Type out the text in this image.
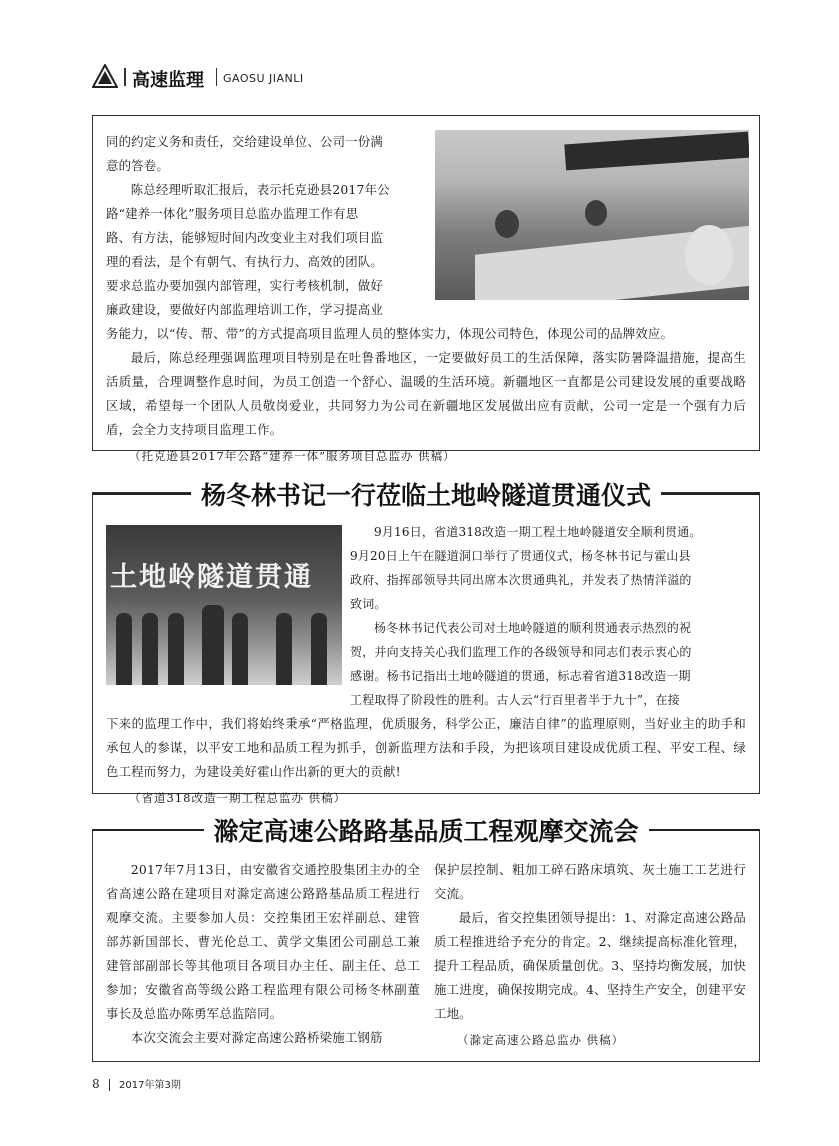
高速监理 GAOSU JIANLI

同的约定义务和责任，交给建设单位、公司一份满

意的答卷。

陈总经理听取汇报后，表示托克逊县2017年公

路“建养一体化”服务项目总监办监理工作有思

路、有方法，能够短时间内改变业主对我们项目监

理的看法，是个有朝气、有执行力、高效的团队。

要求总监办要加强内部管理，实行考核机制，做好

廉政建设，要做好内部监理培训工作，学习提高业

务能力，以“传、帮、带”的方式提高项目监理人员的整体实力，体现公司特色，体现公司的品牌效应。

最后，陈总经理强调监理项目特别是在吐鲁番地区，一定要做好员工的生活保障，落实防暑降温措施，提高生活质量，合理调整作息时间，为员工创造一个舒心、温暖的生活环境。新疆地区一直都是公司建设发展的重要战略区域，希望每一个团队人员敬岗爱业，共同努力为公司在新疆地区发展做出应有贡献，公司一定是一个强有力后盾，会全力支持项目监理工作。

（托克逊县2017年公路“建养一体”服务项目总监办 供稿）

杨冬林书记一行莅临土地岭隧道贯通仪式
土地岭隧道贯通

9月16日，省道318改造一期工程土地岭隧道安全顺利贯通。

9月20日上午在隧道洞口举行了贯通仪式，杨冬林书记与霍山县

政府、指挥部领导共同出席本次贯通典礼，并发表了热情洋溢的

致词。

杨冬林书记代表公司对土地岭隧道的顺利贯通表示热烈的祝

贺，并向支持关心我们监理工作的各级领导和同志们表示衷心的

感谢。杨书记指出土地岭隧道的贯通，标志着省道318改造一期

工程取得了阶段性的胜利。古人云“行百里者半于九十”，在接

下来的监理工作中，我们将始终秉承“严格监理，优质服务，科学公正，廉洁自律”的监理原则，当好业主的助手和承包人的参谋，以平安工地和品质工程为抓手，创新监理方法和手段，为把该项目建设成优质工程、平安工程、绿色工程而努力，为建设美好霍山作出新的更大的贡献!

（省道318改造一期工程总监办 供稿）

滁定高速公路路基品质工程观摩交流会

2017年7月13日，由安徽省交通控股集团主办的全省高速公路在建项目对滁定高速公路路基品质工程进行观摩交流。主要参加人员：交控集团王宏祥副总、建管部苏新国部长、曹光伦总工、黄学文集团公司副总工兼建管部副部长等其他项目各项目办主任、副主任、总工参加；安徽省高等级公路工程监理有限公司杨冬林副董事长及总监办陈勇军总监陪同。

本次交流会主要对滁定高速公路桥梁施工钢筋

保护层控制、粗加工碎石路床填筑、灰土施工工艺进行交流。

最后，省交控集团领导提出：1、对滁定高速公路品质工程推进给予充分的肯定。2、继续提高标准化管理，提升工程品质，确保质量创优。3、坚持均衡发展，加快施工进度，确保按期完成。4、坚持生产安全，创建平安工地。

（滁定高速公路总监办 供稿）

8 2017年第3期
